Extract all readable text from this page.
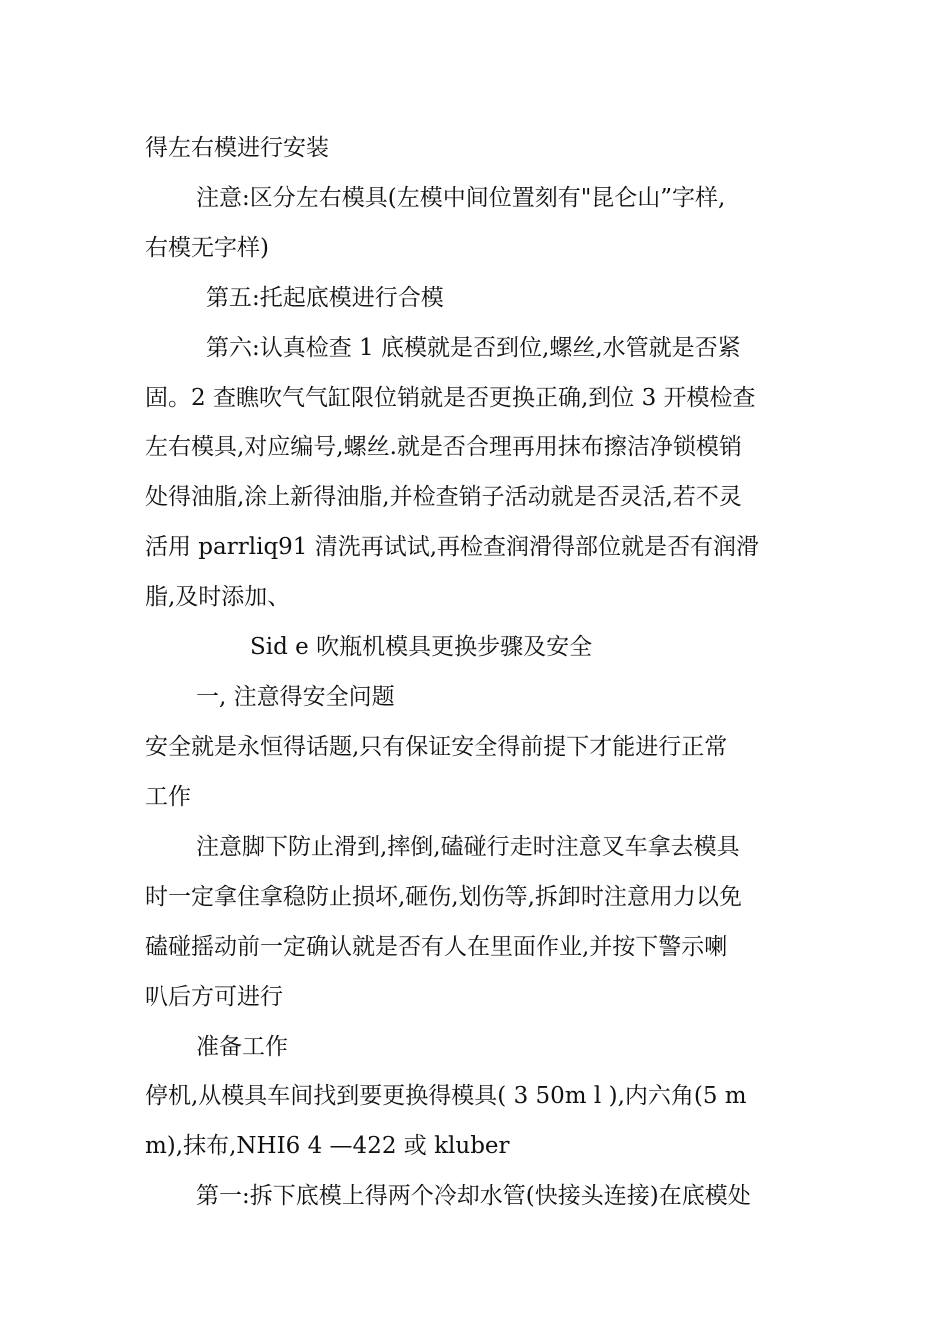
得左右模进行安装
注意:区分左右模具(左模中间位置刻有"昆仑山”字样,
右模无字样)
第五:托起底模进行合模
第六:认真检查 1 底模就是否到位,螺丝,水管就是否紧
固。2 查瞧吹气气缸限位销就是否更换正确,到位 3 开模检查
左右模具,对应编号,螺丝.就是否合理再用抹布擦洁净锁模销
处得油脂,涂上新得油脂,并检查销子活动就是否灵活,若不灵
活用 parrliq91 清洗再试试,再检查润滑得部位就是否有润滑
脂,及时添加、
Sid e 吹瓶机模具更换步骤及安全
一, 注意得安全问题
安全就是永恒得话题,只有保证安全得前提下才能进行正常
工作
注意脚下防止滑到,摔倒,磕碰行走时注意叉车拿去模具
时一定拿住拿稳防止损坏,砸伤,划伤等,拆卸时注意用力以免
磕碰摇动前一定确认就是否有人在里面作业,并按下警示喇
叭后方可进行
准备工作
停机,从模具车间找到要更换得模具( 3 50m l ),内六角(5 m
m),抹布,NHI6 4 —422 或 kluber
第一:拆下底模上得两个冷却水管(快接头连接)在底模处
